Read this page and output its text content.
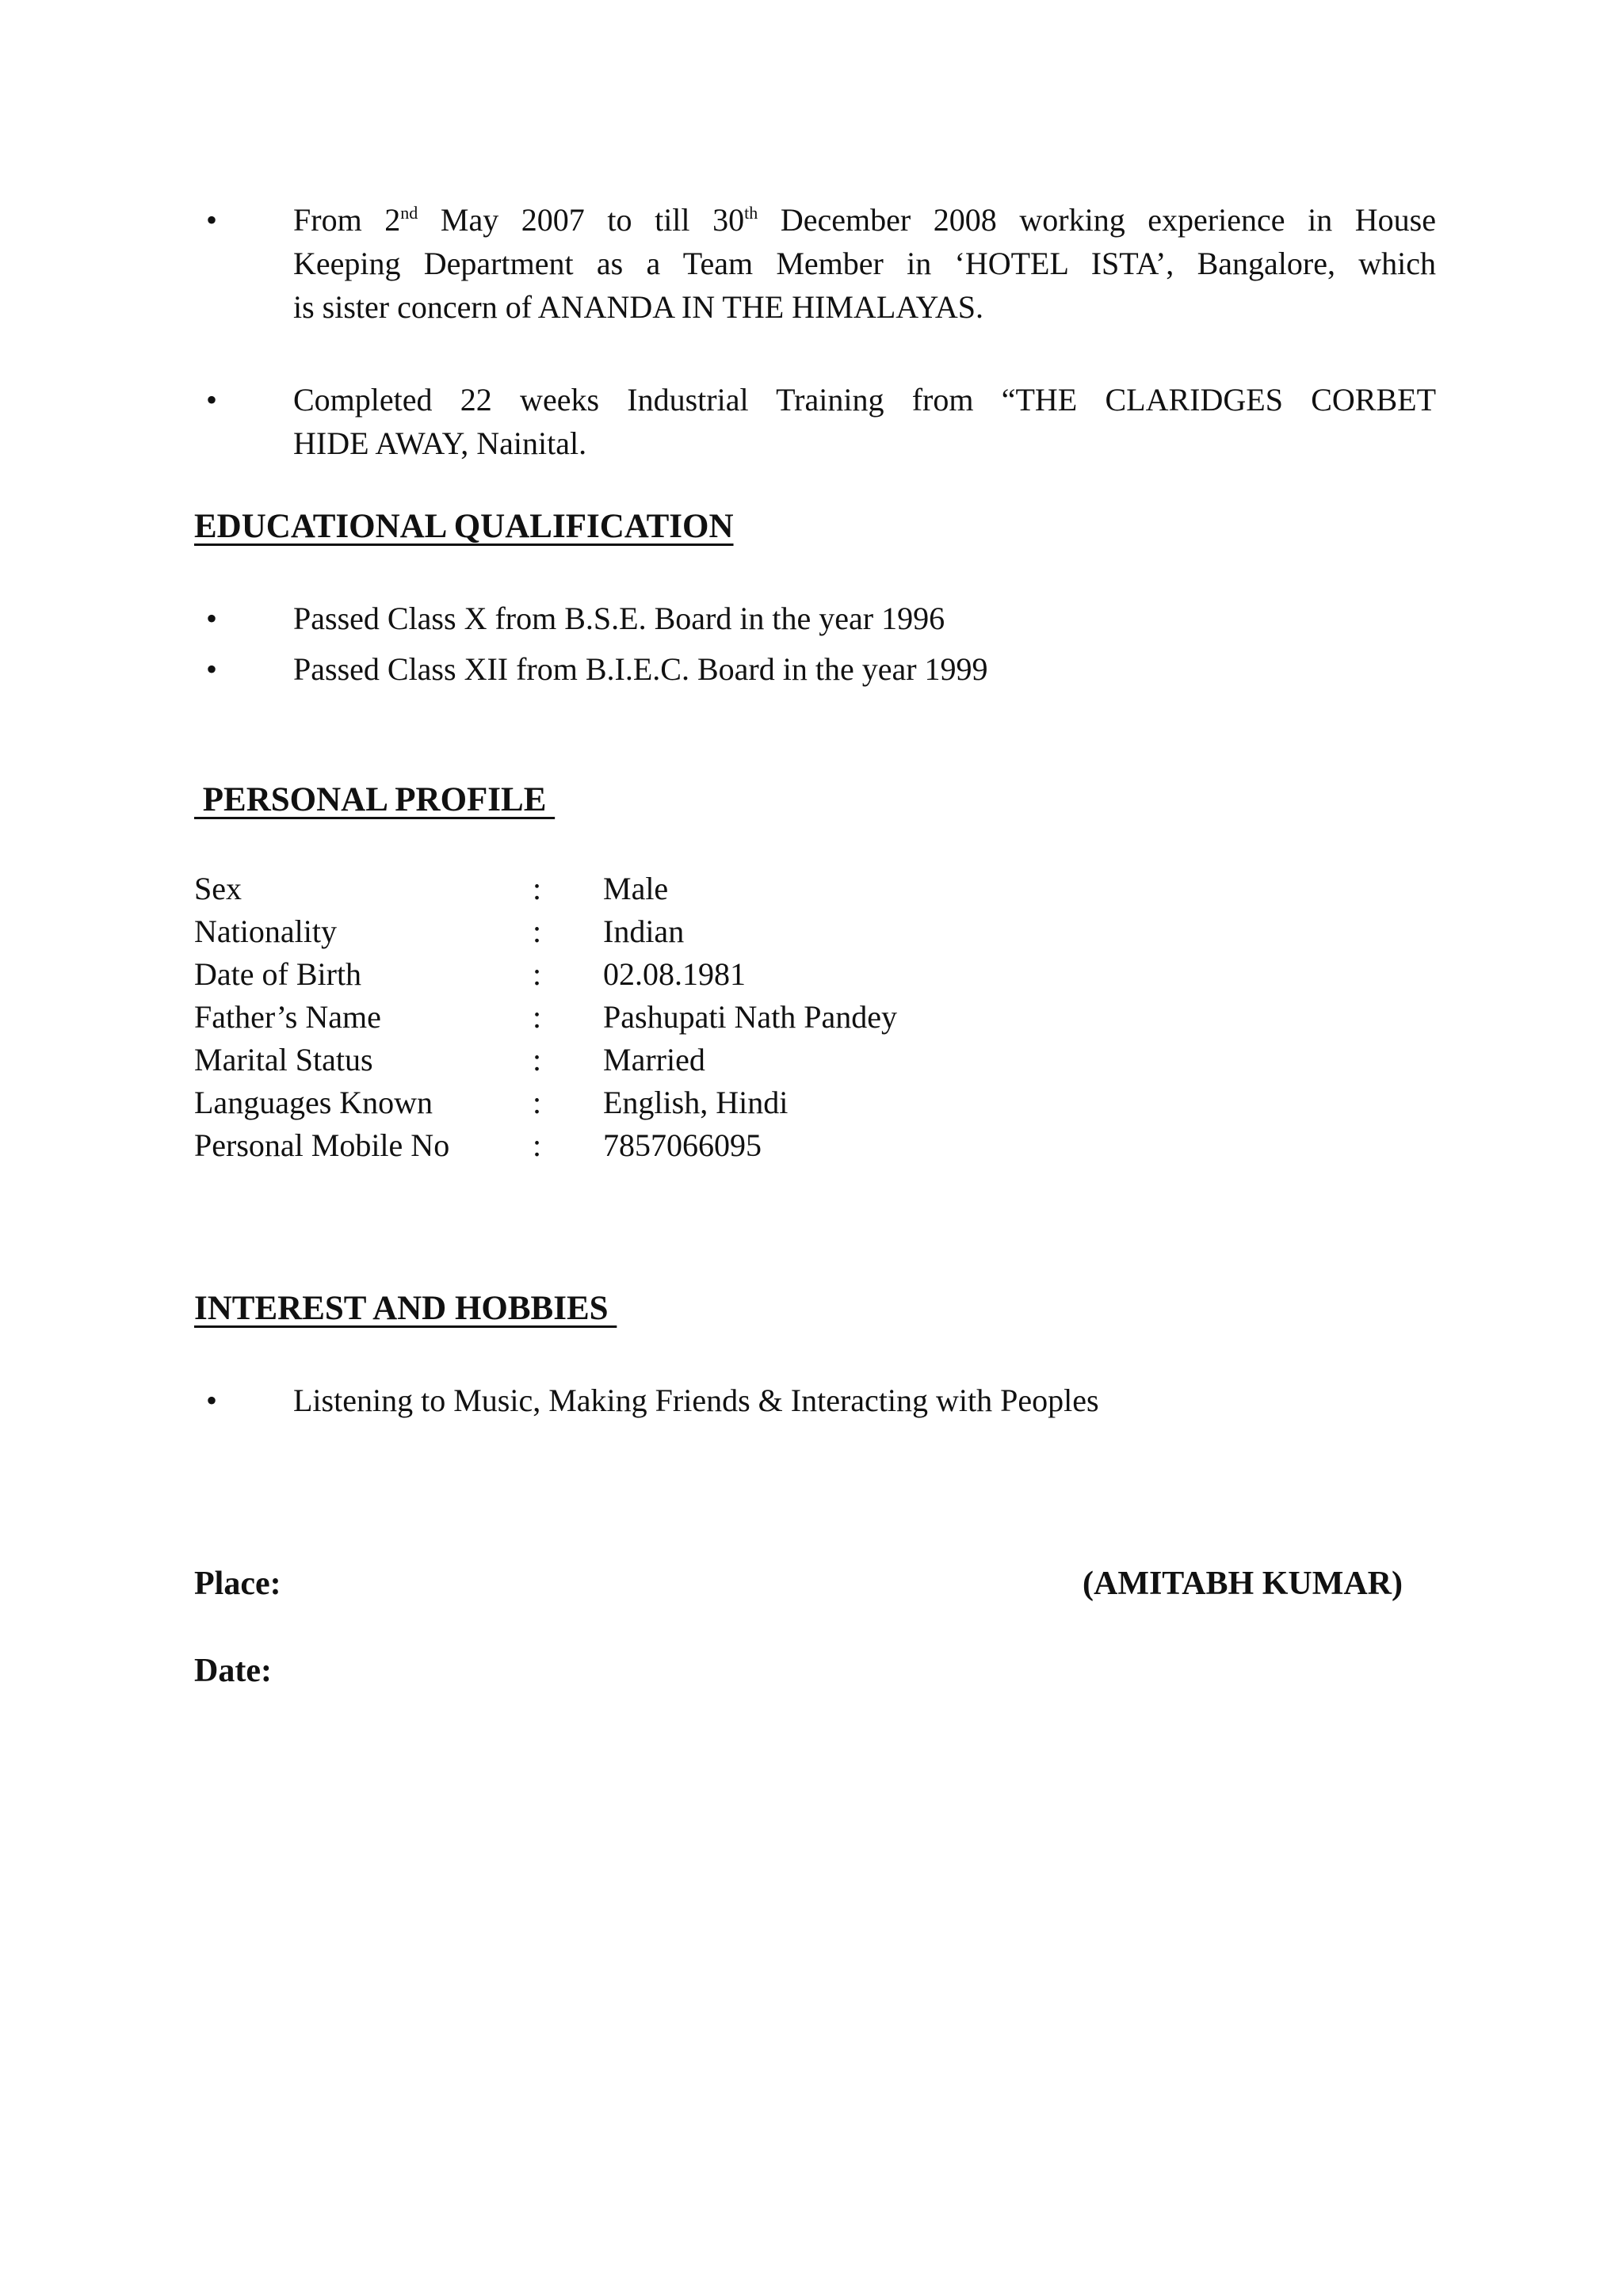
•	From 2nd May 2007 to till 30th December 2008 working experience in House
Keeping Department as a Team Member in ‘HOTEL ISTA’, Bangalore, which
is sister concern of ANANDA IN THE HIMALAYAS.
•	Completed 22 weeks Industrial Training from “THE CLARIDGES CORBET
HIDE AWAY, Nainital.
EDUCATIONAL QUALIFICATION
•	Passed Class X from B.S.E. Board in the year 1996
•	Passed Class XII from B.I.E.C. Board in the year 1999
PERSONAL PROFILE
Sex	: Male
Nationality	: Indian
Date of Birth	: 02.08.1981
Father’s Name	: Pashupati Nath Pandey
Marital Status	: Married
Languages Known	: English, Hindi
Personal Mobile No	: 7857066095
INTEREST AND HOBBIES
•	Listening to Music, Making Friends & Interacting with Peoples
Place:	(AMITABH KUMAR)
Date:
